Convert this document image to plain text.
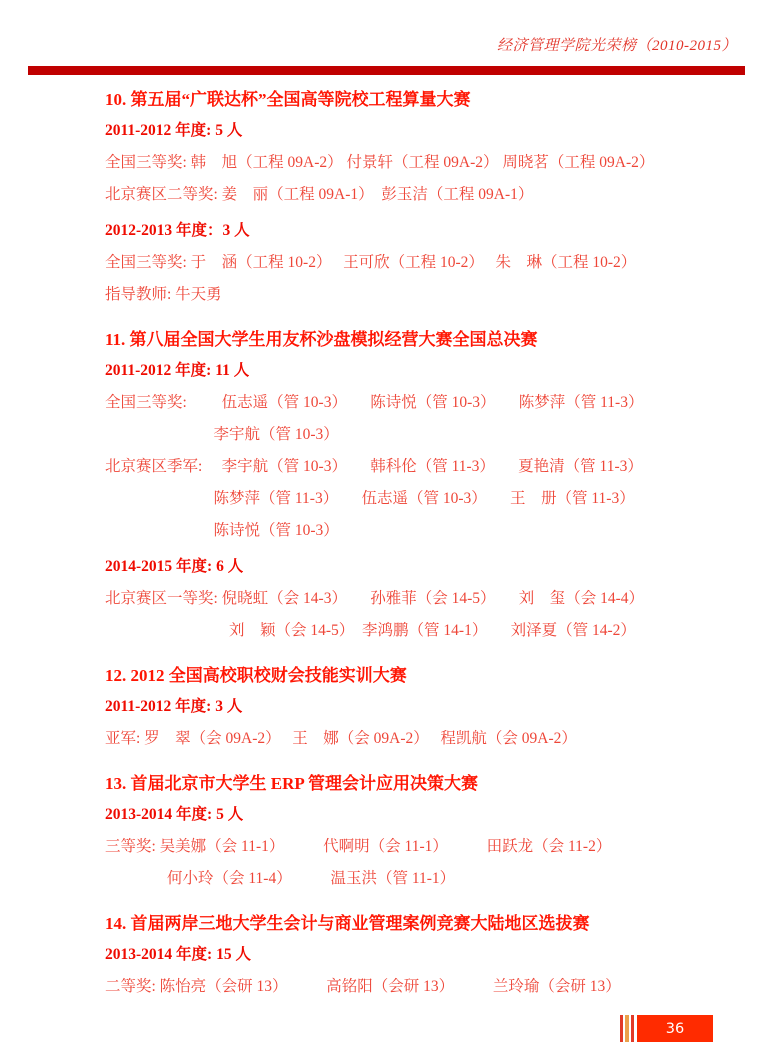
经济管理学院光荣榜（2010-2015）
10. 第五届“广联达杯”全国高等院校工程算量大赛

2011-2012 年度: 5 人

全国三等奖: 韩　旭（工程 09A-2） 付景轩（工程 09A-2） 周晓茗（工程 09A-2）

北京赛区二等奖: 姜　丽（工程 09A-1）　彭玉洁（工程 09A-1）

2012-2013 年度：3 人

全国三等奖: 于　涵（工程 10-2）　 王可欣（工程 10-2）　 朱　琳（工程 10-2）

指导教师: 牛天勇

11. 第八届全国大学生用友杯沙盘模拟经营大赛全国总决赛

2011-2012 年度: 11 人

全国三等奖: 　　伍志遥（管 10-3）　　陈诗悦（管 10-3）　　陈梦萍（管 11-3）

　　　　　　　李宇航（管 10-3）

北京赛区季军: 　李宇航（管 10-3）　　韩科伦（管 11-3）　　夏艳清（管 11-3）

　　　　　　　陈梦萍（管 11-3）　　伍志遥（管 10-3）　　王　册（管 11-3）

　　　　　　　陈诗悦（管 10-3）

2014-2015 年度: 6 人

北京赛区一等奖: 倪晓虹（会 14-3）　　孙雅菲（会 14-5）　　刘　玺（会 14-4）

　　　　　　　　刘　颖（会 14-5）　李鸿鹏（管 14-1）　　刘泽夏（管 14-2）

12. 2012 全国高校职校财会技能实训大赛

2011-2012 年度: 3 人

亚军: 罗　翠（会 09A-2）　 王　娜（会 09A-2）　 程凯航（会 09A-2）

13. 首届北京市大学生 ERP 管理会计应用决策大赛

2013-2014 年度: 5 人

三等奖: 吴美娜（会 11-1）　　　代啊明（会 11-1）　　　田跃龙（会 11-2）

　　　　何小玲（会 11-4）　　　温玉洪（管 11-1）

14. 首届两岸三地大学生会计与商业管理案例竞赛大陆地区选拔赛

2013-2014 年度: 15 人

二等奖: 陈怡亮（会研 13）　　　高铭阳（会研 13）　　　兰玲瑜（会研 13）

36
